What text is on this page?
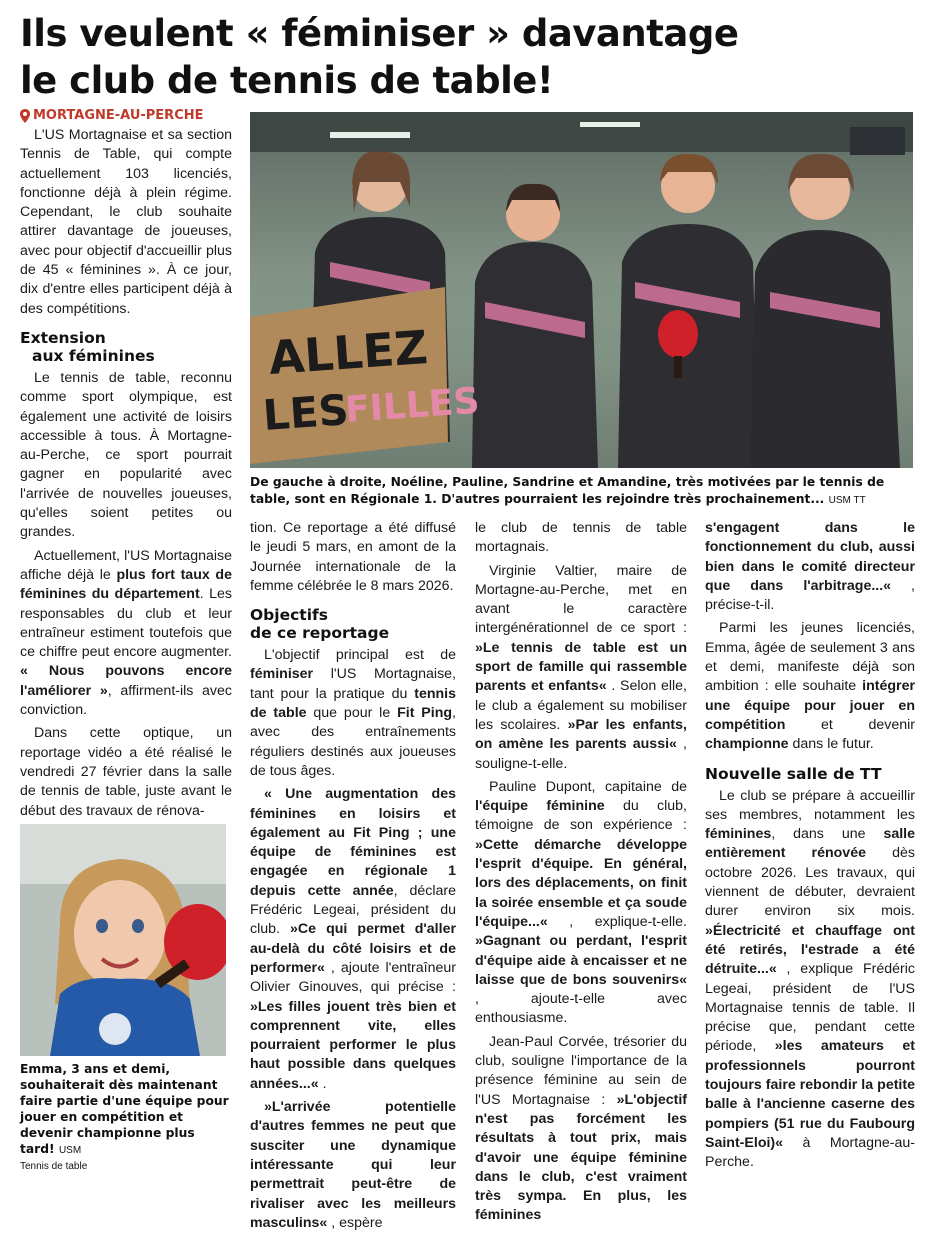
Ils veulent « féminiser » davantage
le club de tennis de table!
MORTAGNE-AU-PERCHE
ALLEZ
LES
FILLES
De gauche à droite, Noéline, Pauline, Sandrine et Amandine, très motivées par le tennis de table, sont en Régionale 1. D'autres pourraient les rejoindre très prochainement... USM TT
Emma, 3 ans et demi, souhaiterait dès maintenant faire partie d'une équipe pour jouer en compétition et devenir championne plus tard! USM
Tennis de table

L'US Mortagnaise et sa section Tennis de Table, qui compte actuellement 103 licenciés, fonctionne déjà à plein régime. Cependant, le club souhaite attirer davantage de joueuses, avec pour objectif d'accueillir plus de 45 « féminines ». À ce jour, dix d'entre elles participent déjà à des compétitions.

Extension

aux féminines

Le tennis de table, reconnu comme sport olympique, est également une activité de loisirs accessible à tous. À Mortagne-au-Perche, ce sport pourrait gagner en popularité avec l'arrivée de nouvelles joueuses, qu'elles soient petites ou grandes.

Actuellement, l'US Mortagnaise affiche déjà le plus fort taux de féminines du département. Les responsables du club et leur entraîneur estiment toutefois que ce chiffre peut encore augmenter. « Nous pouvons encore l'améliorer », affirment-ils avec conviction.

Dans cette optique, un reportage vidéo a été réalisé le vendredi 27 février dans la salle de tennis de table, juste avant le début des travaux de rénova-

tion. Ce reportage a été diffusé le jeudi 5 mars, en amont de la Journée internationale de la femme célébrée le 8 mars 2026.

Objectifs
de ce reportage

L'objectif principal est de féminiser l'US Mortagnaise, tant pour la pratique du tennis de table que pour le Fit Ping, avec des entraînements réguliers destinés aux joueuses de tous âges.

« Une augmentation des féminines en loisirs et également au Fit Ping ; une équipe de féminines est engagée en régionale 1 depuis cette année, déclare Frédéric Legeai, président du club. »Ce qui permet d'aller au-delà du côté loisirs et de performer« , ajoute l'entraîneur Olivier Ginouves, qui précise : »Les filles jouent très bien et comprennent vite, elles pourraient performer le plus haut possible dans quelques années...« .

»L'arrivée potentielle d'autres femmes ne peut que susciter une dynamique intéressante qui leur permettrait peut-être de rivaliser avec les meilleurs masculins« , espère

le club de tennis de table mortagnais.

Virginie Valtier, maire de Mortagne-au-Perche, met en avant le caractère intergénérationnel de ce sport : »Le tennis de table est un sport de famille qui rassemble parents et enfants« . Selon elle, le club a également su mobiliser les scolaires. »Par les enfants, on amène les parents aussi« , souligne-t-elle.

Pauline Dupont, capitaine de l'équipe féminine du club, témoigne de son expérience : »Cette démarche développe l'esprit d'équipe. En général, lors des déplacements, on finit la soirée ensemble et ça soude l'équipe...« , explique-t-elle. »Gagnant ou perdant, l'esprit d'équipe aide à encaisser et ne laisse que de bons souvenirs« , ajoute-t-elle avec enthousiasme.

Jean-Paul Corvée, trésorier du club, souligne l'importance de la présence féminine au sein de l'US Mortagnaise : »L'objectif n'est pas forcément les résultats à tout prix, mais d'avoir une équipe féminine dans le club, c'est vraiment très sympa. En plus, les féminines

s'engagent dans le fonctionnement du club, aussi bien dans le comité directeur que dans l'arbitrage...« , précise-t-il.

Parmi les jeunes licenciés, Emma, âgée de seulement 3 ans et demi, manifeste déjà son ambition : elle souhaite intégrer une équipe pour jouer en compétition et devenir championne dans le futur.

Nouvelle salle de TT

Le club se prépare à accueillir ses membres, notamment les féminines, dans une salle entièrement rénovée dès octobre 2026. Les travaux, qui viennent de débuter, devraient durer environ six mois. »Électricité et chauffage ont été retirés, l'estrade a été détruite...« , explique Frédéric Legeai, président de l'US Mortagnaise tennis de table. Il précise que, pendant cette période, »les amateurs et professionnels pourront toujours faire rebondir la petite balle à l'ancienne caserne des pompiers (51 rue du Faubourg Saint-Eloi)« à Mortagne-au-Perche.
